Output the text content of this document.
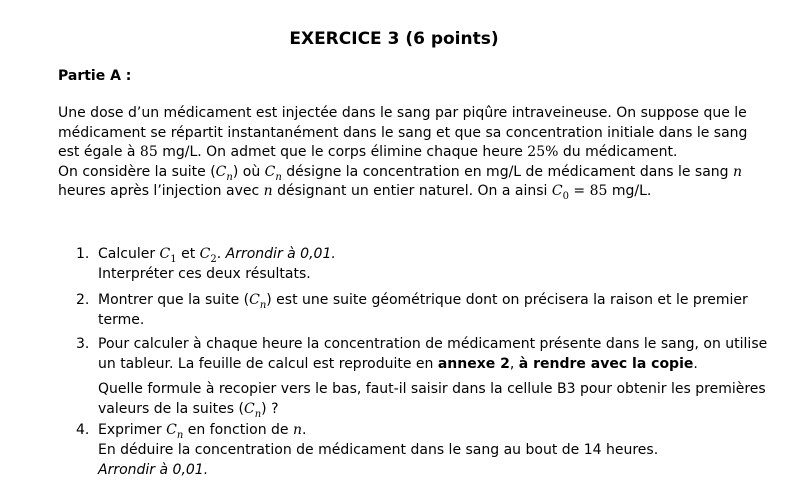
EXERCICE 3 (6 points)
Partie A :
Une dose d’un médicament est injectée dans le sang par piqûre intraveineuse. On suppose que le
médicament se répartit instantanément dans le sang et que sa concentration initiale dans le sang
est égale à 85 mg/L. On admet que le corps élimine chaque heure 25% du médicament.
On considère la suite $(C_n)$ où $C_n$ désigne la concentration en mg/L de médicament dans le sang n
heures après l’injection avec n désignant un entier naturel. On a ainsi $C_0 = 85$ mg/L.
1. Calculer $C_1$ et $C_2$. Arrondir à 0,01.

Interpréter ces deux résultats.

2. Montrer que la suite $(C_n)$ est une suite géométrique dont on précisera la raison et le premier

terme.

3. Pour calculer à chaque heure la concentration de médicament présente dans le sang, on utilise

un tableur. La feuille de calcul est reproduite en annexe 2, à rendre avec la copie.

Quelle formule à recopier vers le bas, faut-il saisir dans la cellule B3 pour obtenir les premières

valeurs de la suites $(C_n)$ ?

4. Exprimer $C_n$ en fonction de n.

En déduire la concentration de médicament dans le sang au bout de 14 heures.

Arrondir à 0,01.
